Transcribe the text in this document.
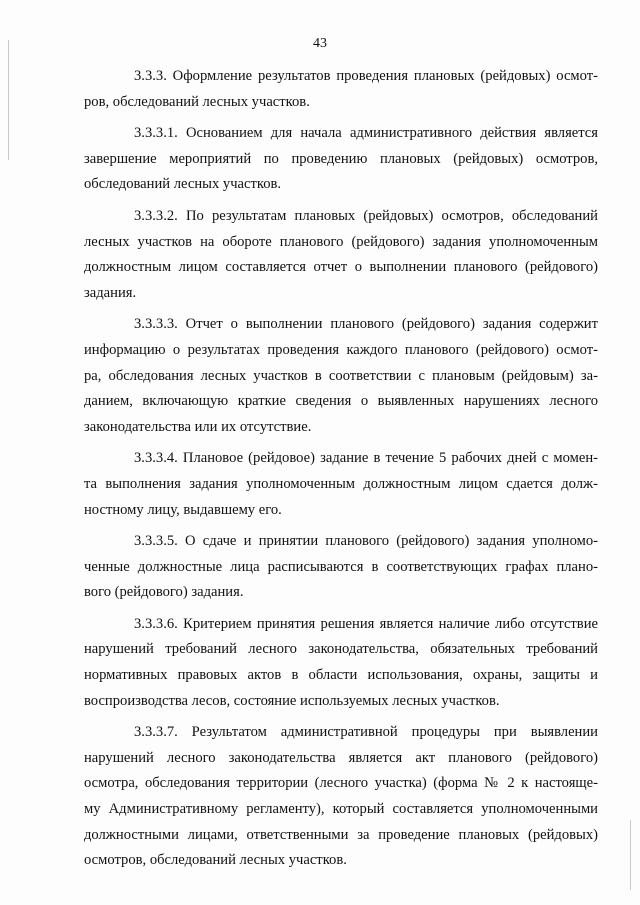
43
3.3.3. Оформление результатов проведения плановых (рейдовых) осмот-
ров, обследований лесных участков.
3.3.3.1. Основанием для начала административного действия является
завершение мероприятий по проведению плановых (рейдовых) осмотров,
обследований лесных участков.
3.3.3.2. По результатам плановых (рейдовых) осмотров, обследований
лесных участков на обороте планового (рейдового) задания уполномоченным
должностным лицом составляется отчет о выполнении планового (рейдового)
задания.
3.3.3.3. Отчет о выполнении планового (рейдового) задания содержит
информацию о результатах проведения каждого планового (рейдового) осмот-
ра, обследования лесных участков в соответствии с плановым (рейдовым) за-
данием, включающую краткие сведения о выявленных нарушениях лесного
законодательства или их отсутствие.
3.3.3.4. Плановое (рейдовое) задание в течение 5 рабочих дней с момен-
та выполнения задания уполномоченным должностным лицом сдается долж-
ностному лицу, выдавшему его.
3.3.3.5. О сдаче и принятии планового (рейдового) задания уполномо-
ченные должностные лица расписываются в соответствующих графах плано-
вого (рейдового) задания.
3.3.3.6. Критерием принятия решения является наличие либо отсутствие
нарушений требований лесного законодательства, обязательных требований
нормативных правовых актов в области использования, охраны, защиты и
воспроизводства лесов, состояние используемых лесных участков.
3.3.3.7. Результатом административной процедуры при выявлении
нарушений лесного законодательства является акт планового (рейдового)
осмотра, обследования территории (лесного участка) (форма № 2 к настояще-
му Административному регламенту), который составляется уполномоченными
должностными лицами, ответственными за проведение плановых (рейдовых)
осмотров, обследований лесных участков.
